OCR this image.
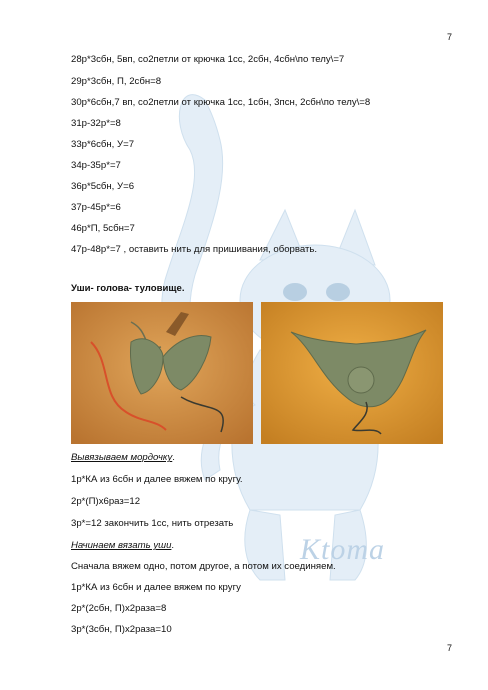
Ktoma
7
28р*3сбн, 5вп, со2петли от крючка 1сс, 2сбн, 4сбн\по телу\=7
29р*3сбн, П, 2сбн=8
30р*6сбн,7 вп, со2петли от крючка 1сс, 1сбн, 3псн, 2сбн\по телу\=8
31р-32р*=8
33р*6сбн, У=7
34р-35р*=7
36р*5сбн, У=6
37р-45р*=6
46р*П, 5сбн=7
47р-48р*=7 , оставить нить для пришивания, оборвать.
Уши- голова- туловище.
Вывязываем мордочку.
1р*КА из 6сбн и далее вяжем по кругу.
2р*(П)х6раз=12
3р*=12 закончить 1сс, нить отрезать
Начинаем вязать уши.
Сначала вяжем одно, потом другое, а потом их соединяем.
1р*КА из 6сбн и далее вяжем по кругу
2р*(2сбн, П)х2раза=8
3р*(3сбн, П)х2раза=10
7
